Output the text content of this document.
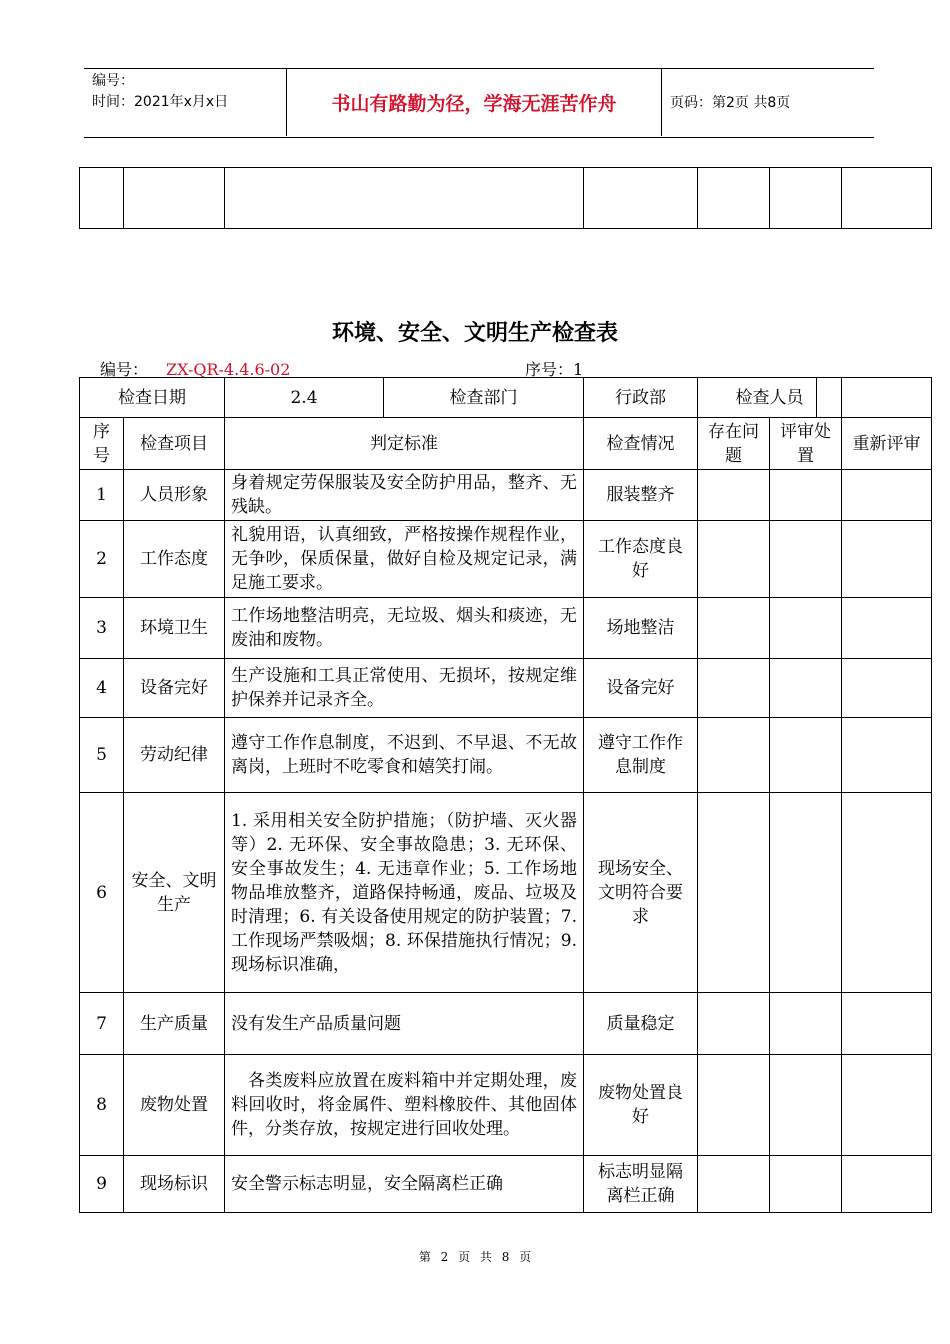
编号：
时间：2021年x月x日	书山有路勤为径，学海无涯苦作舟	页码：第2页 共8页

环境、安全、文明生产检查表
编号： ZX-QR-4.4.6-02	序号：1
检查日期		2.4	检查部门	行政部	检查人员	

序号	检查项目	判定标准		检查情况	存在问题	评审处置	重新评审
1	人员形象	身着规定劳保服装及安全防护用品，整齐、无残缺。		服装整齐			
2	工作态度	礼貌用语，认真细致，严格按操作规程作业，无争吵，保质保量，做好自检及规定记录，满足施工要求。		工作态度良好			
3	环境卫生	工作场地整洁明亮，无垃圾、烟头和痰迹，无废油和废物。		场地整洁			
4	设备完好	生产设施和工具正常使用、无损坏，按规定维护保养并记录齐全。		设备完好			
5	劳动纪律	遵守工作作息制度，不迟到、不早退、不无故离岗，上班时不吃零食和嬉笑打闹。		遵守工作作息制度			
6	安全、文明生产	1. 采用相关安全防护措施；（防护墙、灭火器等）2. 无环保、安全事故隐患；3. 无环保、安全事故发生；4. 无违章作业；5. 工作场地物品堆放整齐，道路保持畅通，废品、垃圾及时清理；6. 有关设备使用规定的防护装置；7.工作现场严禁吸烟；8. 环保措施执行情况；9.现场标识准确，		现场安全、文明符合要求			
7	生产质量	没有发生产品质量问题		质量稳定			
8	废物处置	各类废料应放置在废料箱中并定期处理，废料回收时，将金属件、塑料橡胶件、其他固体件，分类存放，按规定进行回收处理。		废物处置良好			
9	现场标识	安全警示标志明显，安全隔离栏正确		标志明显隔离栏正确			
第 2 页 共 8 页
